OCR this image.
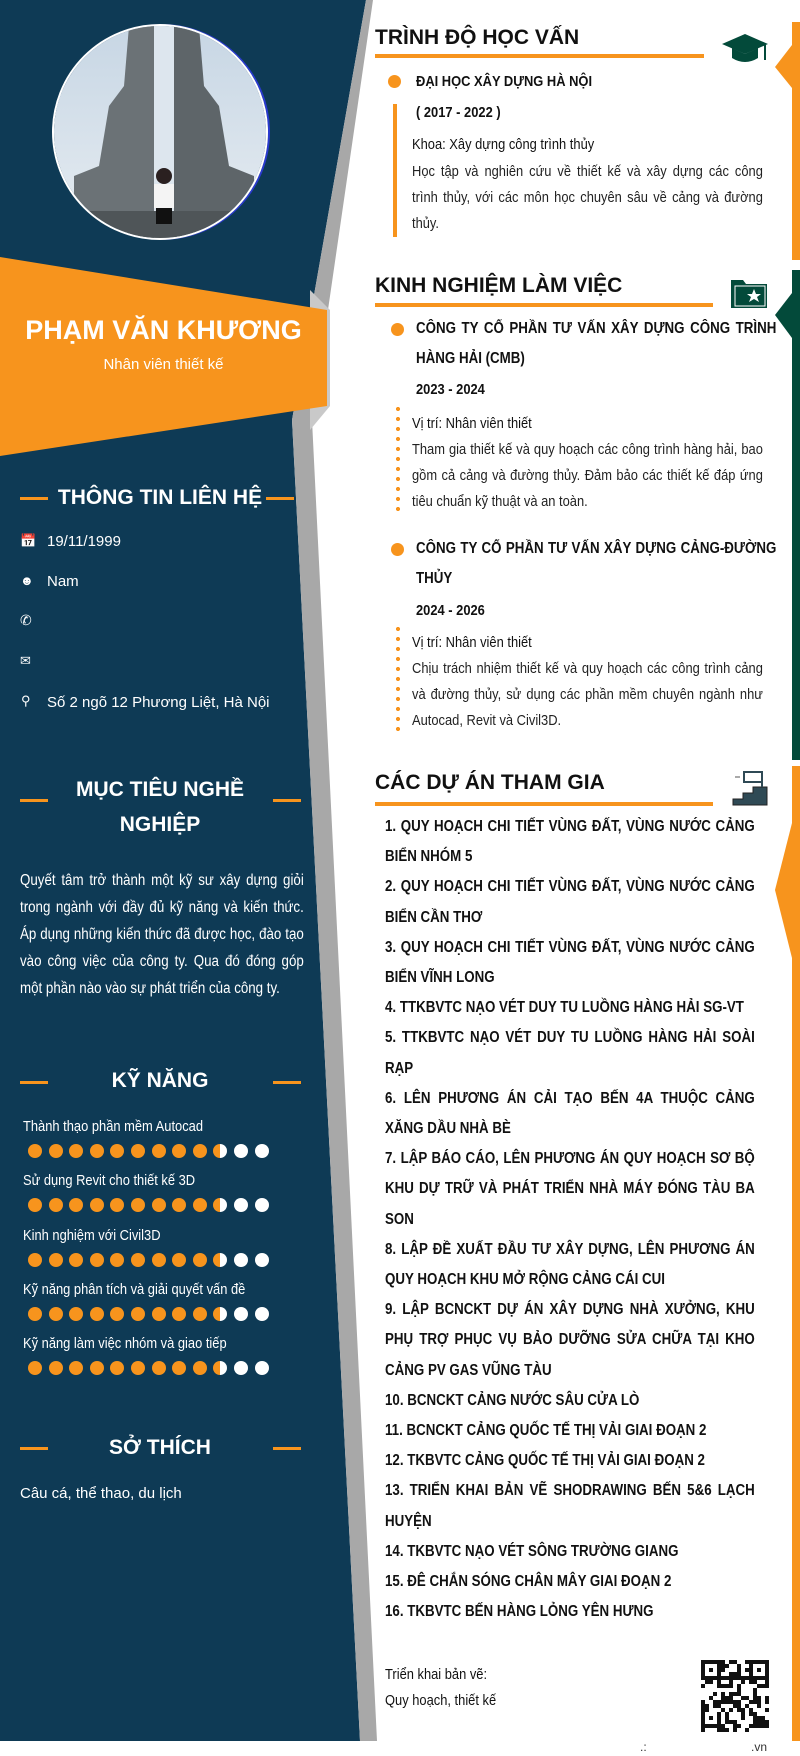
PHẠM VĂN KHƯƠNG
Nhân viên thiết kế
THÔNG TIN LIÊN HỆ
📅 19/11/1999
☻ Nam
✆
✉
⚲ Số 2 ngõ 12 Phương Liệt, Hà Nội
MỤC TIÊU NGHỀ
NGHIỆP
Quyết tâm trở thành một kỹ sư xây dựng giỏi trong ngành với đầy đủ kỹ năng và kiến thức. Áp dụng những kiến thức đã được học, đào tạo vào công việc của công ty. Qua đó đóng góp một phần nào vào sự phát triển của công ty.
KỸ NĂNG
Thành thạo phần mềm Autocad
Sử dụng Revit cho thiết kế 3D
Kinh nghiệm với Civil3D
Kỹ năng phân tích và giải quyết vấn đề
Kỹ năng làm việc nhóm và giao tiếp
SỞ THÍCH
Câu cá, thể thao, du lịch
TRÌNH ĐỘ HỌC VẤN
ĐẠI HỌC XÂY DỰNG HÀ NỘI
( 2017 - 2022 )
Khoa: Xây dựng công trình thủy
Học tập và nghiên cứu về thiết kế và xây dựng các công trình thủy, với các môn học chuyên sâu về cảng và đường thủy.
KINH NGHIỆM LÀM VIỆC
CÔNG TY CỔ PHẦN TƯ VẤN XÂY DỰNG CÔNG TRÌNH HÀNG HẢI (CMB)
2023 - 2024
Vị trí: Nhân viên thiết
Tham gia thiết kế và quy hoạch các công trình hàng hải, bao gồm cả cảng và đường thủy. Đảm bảo các thiết kế đáp ứng tiêu chuẩn kỹ thuật và an toàn.
CÔNG TY CỔ PHẦN TƯ VẤN XÂY DỰNG CẢNG-ĐƯỜNG THỦY
2024 - 2026
Vị trí: Nhân viên thiết
Chịu trách nhiệm thiết kế và quy hoạch các công trình cảng và đường thủy, sử dụng các phần mềm chuyên ngành như Autocad, Revit và Civil3D.
CÁC DỰ ÁN THAM GIA
1. QUY HOẠCH CHI TIẾT VÙNG ĐẤT, VÙNG NƯỚC CẢNG BIỂN NHÓM 5
2. QUY HOẠCH CHI TIẾT VÙNG ĐẤT, VÙNG NƯỚC CẢNG BIỂN CẦN THƠ
3. QUY HOẠCH CHI TIẾT VÙNG ĐẤT, VÙNG NƯỚC CẢNG BIỂN VĨNH LONG
4. TTKBVTC NẠO VÉT DUY TU LUỒNG HÀNG HẢI SG-VT
5. TTKBVTC NẠO VÉT DUY TU LUỒNG HÀNG HẢI SOÀI RẠP
6. LÊN PHƯƠNG ÁN CẢI TẠO BẾN 4A THUỘC CẢNG XĂNG DẦU NHÀ BÈ
7. LẬP BÁO CÁO, LÊN PHƯƠNG ÁN QUY HOẠCH SƠ BỘ KHU DỰ TRỮ VÀ PHÁT TRIỂN NHÀ MÁY ĐÓNG TÀU BA SON
8. LẬP ĐỀ XUẤT ĐẦU TƯ XÂY DỰNG, LÊN PHƯƠNG ÁN QUY HOẠCH KHU MỞ RỘNG CẢNG CÁI CUI
9. LẬP BCNCKT DỰ ÁN XÂY DỰNG NHÀ XƯỞNG, KHU PHỤ TRỢ PHỤC VỤ BẢO DƯỠNG SỬA CHỮA TẠI KHO CẢNG PV GAS VŨNG TÀU
10. BCNCKT CẢNG NƯỚC SÂU CỬA LÒ
11. BCNCKT CẢNG QUỐC TẾ THỊ VẢI GIAI ĐOẠN 2
12. TKBVTC CẢNG QUỐC TẾ THỊ VẢI GIAI ĐOẠN 2
13. TRIỂN KHAI BẢN VẼ SHODRAWING BẾN 5&6 LẠCH HUYỆN
14. TKBVTC NẠO VÉT SÔNG TRƯỜNG GIANG
15. ĐÊ CHẮN SÓNG CHÂN MÂY GIAI ĐOẠN 2
16. TKBVTC BẾN HÀNG LỎNG YÊN HƯNG
Triển khai bản vẽ:
Quy hoạch, thiết kế
.:	.vn
